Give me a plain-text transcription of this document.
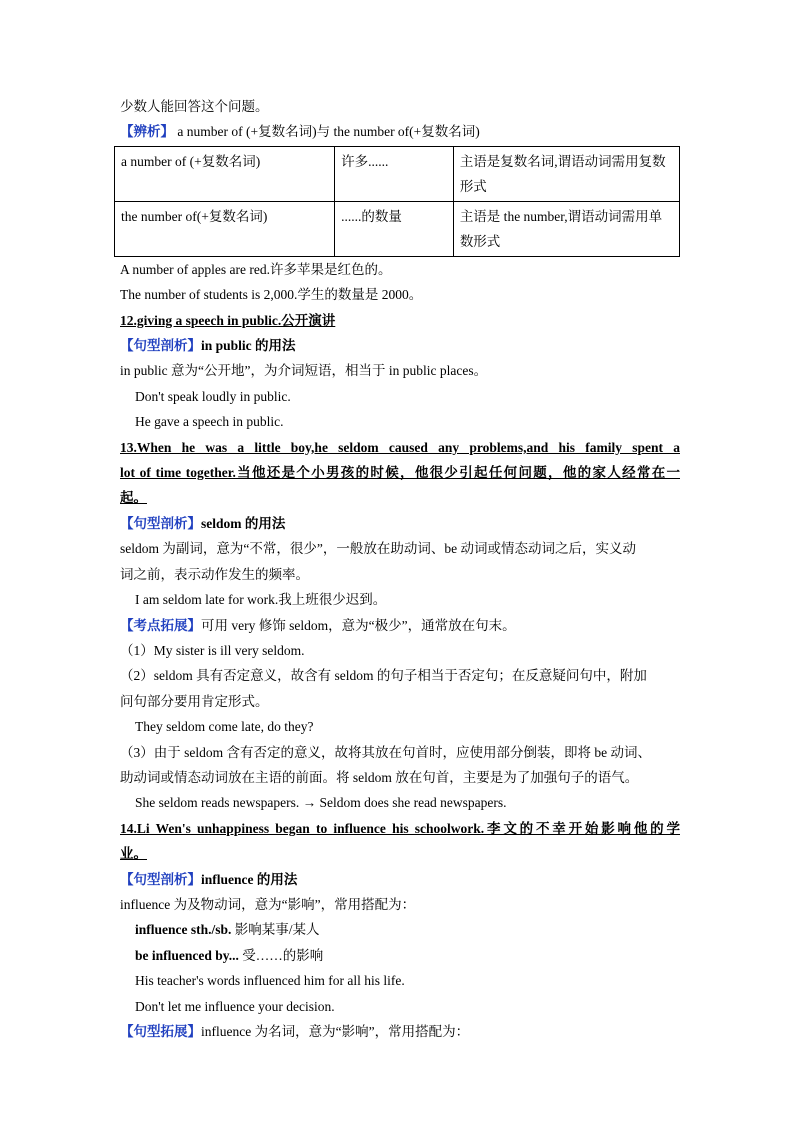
少数人能回答这个问题。
【辨析】 a number of (+复数名词)与 the number of(+复数名词)
a number of (+复数名词)	许多......	主语是复数名词,谓语动词需用复数形式
the number of(+复数名词)	......的数量	主语是 the number,谓语动词需用单数形式
A number of apples are red.许多苹果是红色的。
The number of students is 2,000.学生的数量是 2000。
12.giving a speech in public.公开演讲
【句型剖析】in public 的用法
in public 意为“公开地”，为介词短语，相当于 in public places。
Don't speak loudly in public.
He gave a speech in public.
13.When he was a little boy,he seldom caused any problems,and his family spent a
lot of time together.当他还是个小男孩的时候，他很少引起任何问题，他的家人经常在一
起。
【句型剖析】seldom 的用法
seldom 为副词，意为“不常，很少”，一般放在助动词、be 动词或情态动词之后，实义动
词之前，表示动作发生的频率。
I am seldom late for work.我上班很少迟到。
【考点拓展】可用 very 修饰 seldom，意为“极少”，通常放在句末。
（1）My sister is ill very seldom.
（2）seldom 具有否定意义，故含有 seldom 的句子相当于否定句；在反意疑问句中，附加
问句部分要用肯定形式。
They seldom come late, do they?
（3）由于 seldom 含有否定的意义，故将其放在句首时，应使用部分倒装，即将 be 动词、
助动词或情态动词放在主语的前面。将 seldom 放在句首，主要是为了加强句子的语气。
She seldom reads newspapers. → Seldom does she read newspapers.
14.Li Wen's unhappiness began to influence his schoolwork.李文的不幸开始影响他的学
业。
【句型剖析】influence 的用法
influence 为及物动词，意为“影响”，常用搭配为：
influence sth./sb. 影响某事/某人
be influenced by... 受……的影响
His teacher's words influenced him for all his life.
Don't let me influence your decision.
【句型拓展】influence 为名词，意为“影响”，常用搭配为：
